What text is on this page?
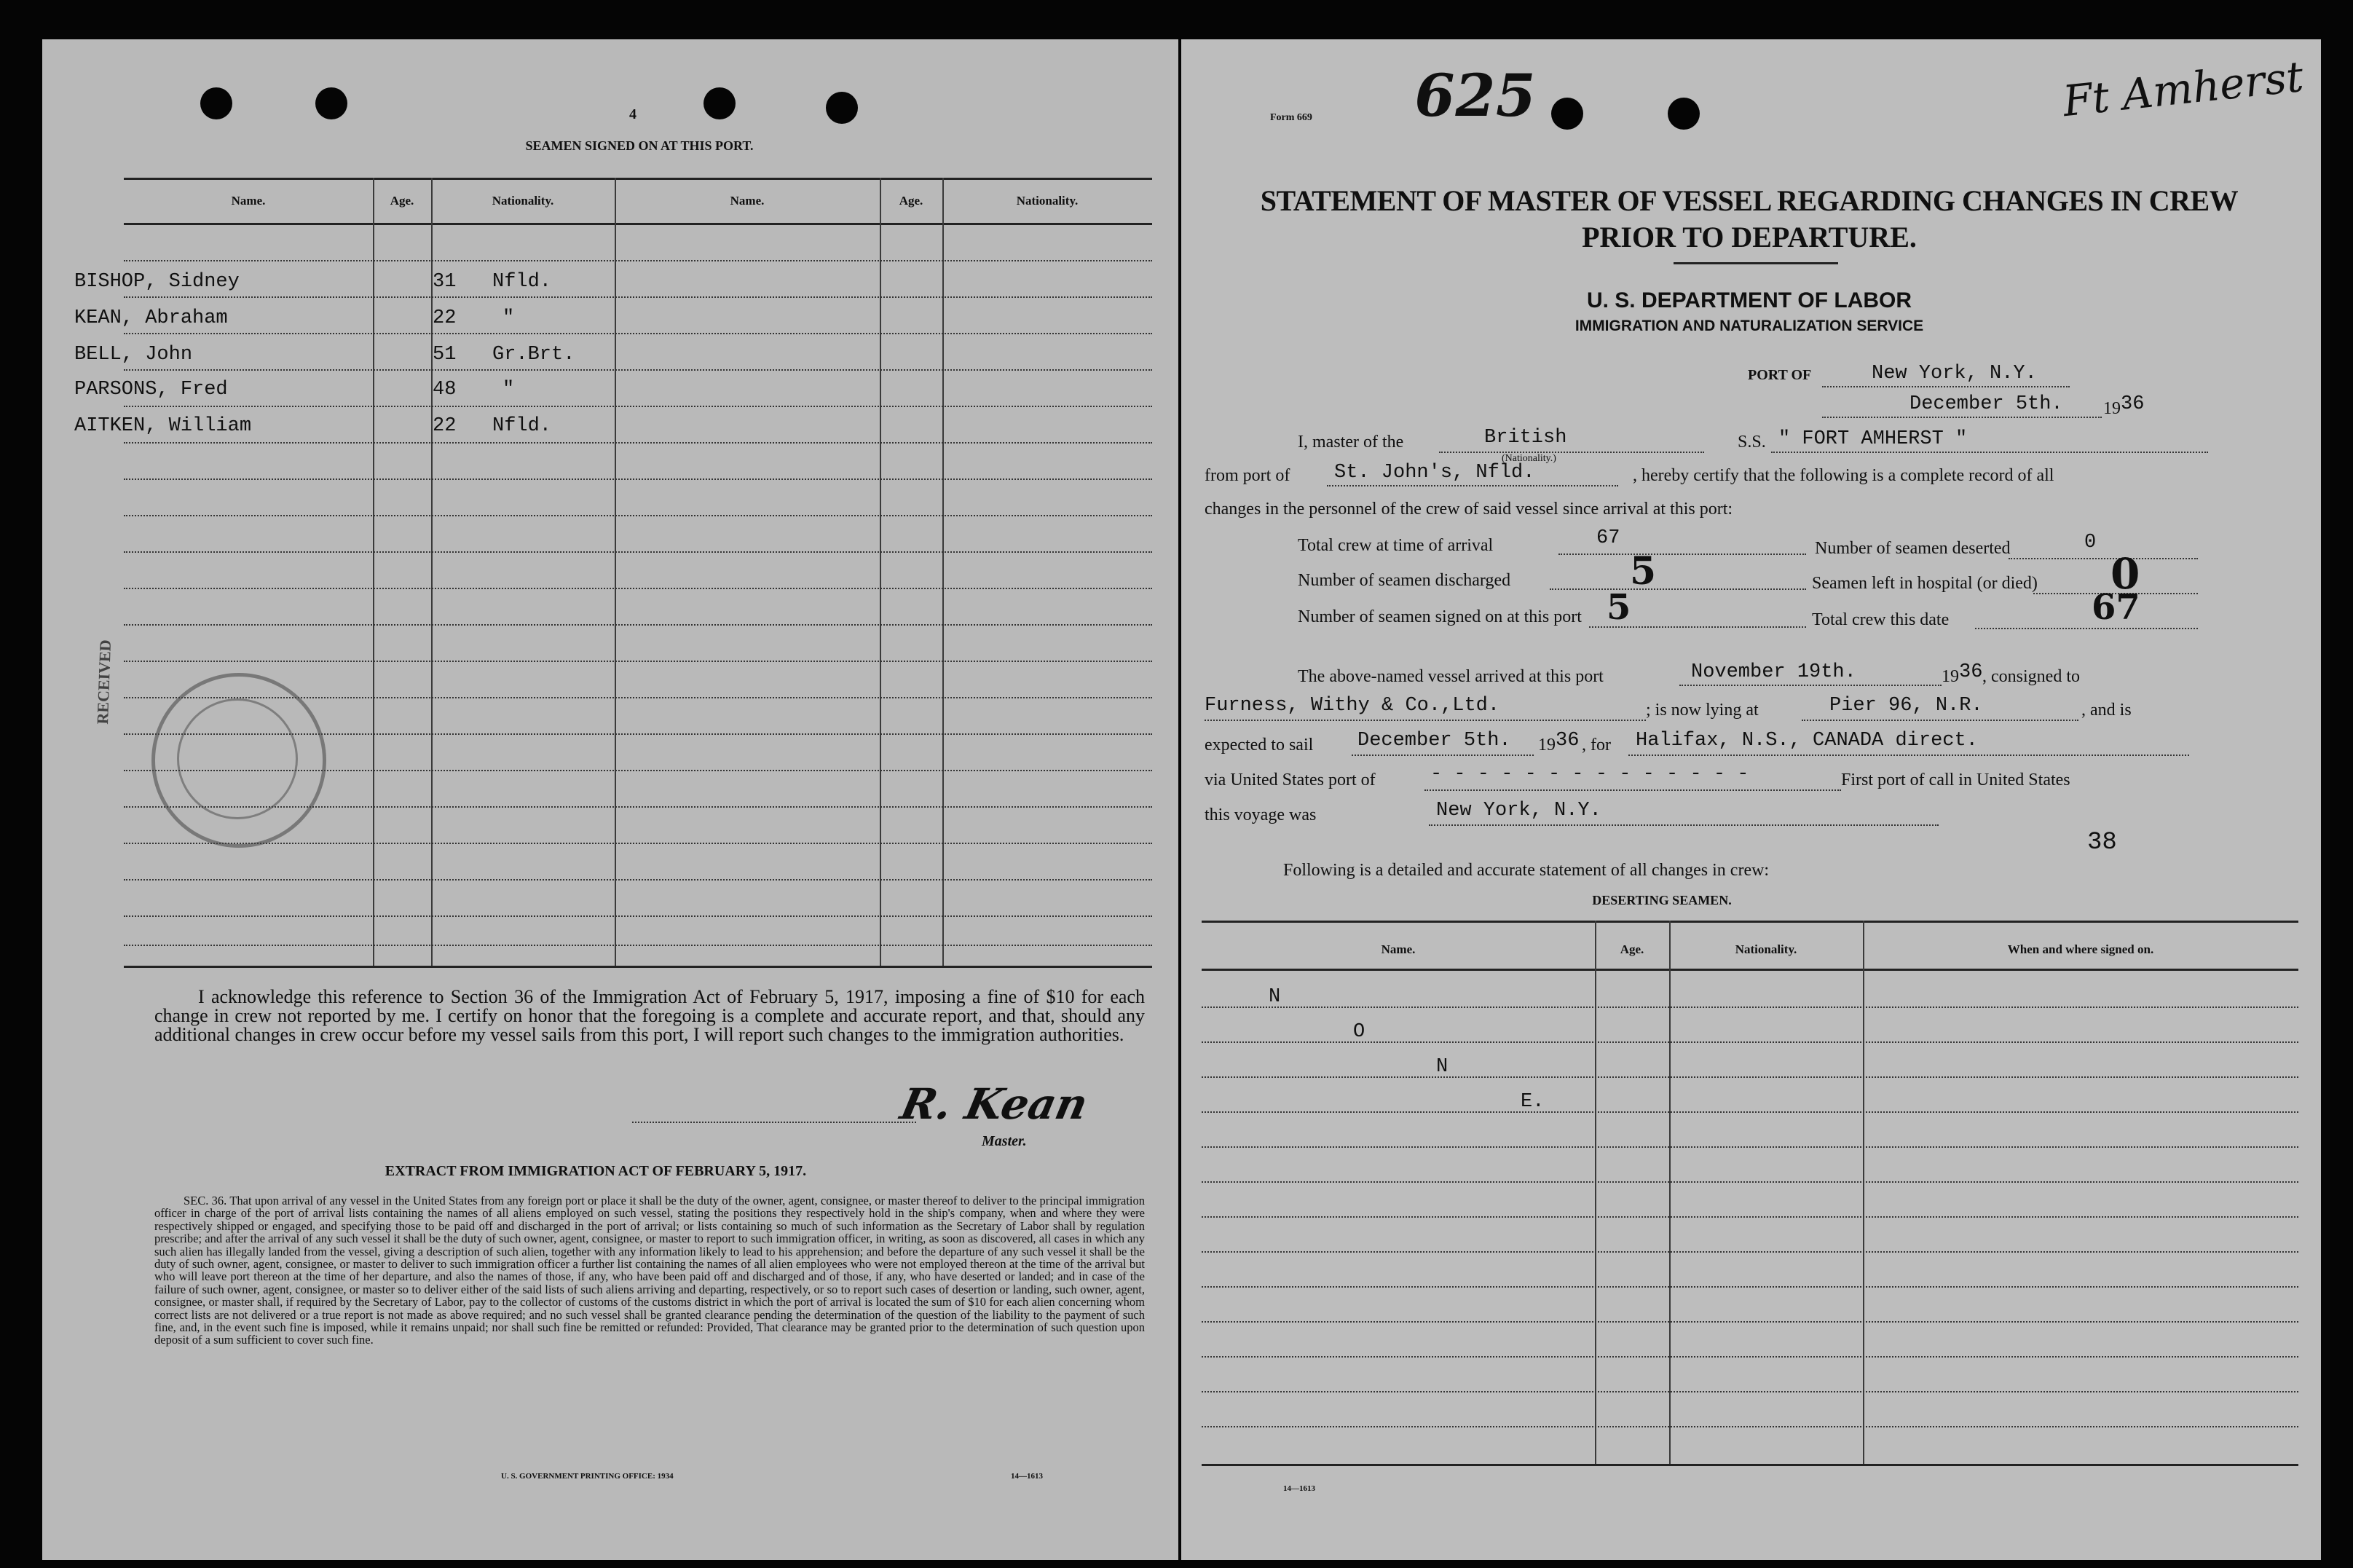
4
SEAMEN SIGNED ON AT THIS PORT.
Name.	Age.	Nationality.	Name.	Age.	Nationality.
BISHOP, Sidney	31 Nfld.
KEAN, Abraham	22 "
BELL, John	51 Gr.Brt.
PARSONS, Fred	48 "
AITKEN, William	22 Nfld.
RECEIVED
I acknowledge this reference to Section 36 of the Immigration Act of February 5, 1917, imposing a fine of $10 for each change in crew not reported by me. I certify on honor that the foregoing is a complete and accurate report, and that, should any additional changes in crew occur before my vessel sails from this port, I will report such changes to the immigration authorities.
R. Kean
Master.
EXTRACT FROM IMMIGRATION ACT OF FEBRUARY 5, 1917.
SEC. 36. That upon arrival of any vessel in the United States from any foreign port or place it shall be the duty of the owner, agent, consignee, or master thereof to deliver to the principal immigration officer in charge of the port of arrival lists containing the names of all aliens employed on such vessel, stating the positions they respectively hold in the ship's company, when and where they were respectively shipped or engaged, and specifying those to be paid off and discharged in the port of arrival; or lists containing so much of such information as the Secretary of Labor shall by regulation prescribe; and after the arrival of any such vessel it shall be the duty of such owner, agent, consignee, or master to report to such immigration officer, in writing, as soon as discovered, all cases in which any such alien has illegally landed from the vessel, giving a description of such alien, together with any information likely to lead to his apprehension; and before the departure of any such vessel it shall be the duty of such owner, agent, consignee, or master to deliver to such immigration officer a further list containing the names of all alien employees who were not employed thereon at the time of the arrival but who will leave port thereon at the time of her departure, and also the names of those, if any, who have been paid off and discharged and of those, if any, who have deserted or landed; and in case of the failure of such owner, agent, consignee, or master so to deliver either of the said lists of such aliens arriving and departing, respectively, or so to report such cases of desertion or landing, such owner, agent, consignee, or master shall, if required by the Secretary of Labor, pay to the collector of customs of the customs district in which the port of arrival is located the sum of $10 for each alien concerning whom correct lists are not delivered or a true report is not made as above required; and no such vessel shall be granted clearance pending the determination of the question of the liability to the payment of such fine, and, in the event such fine is imposed, while it remains unpaid; nor shall such fine be remitted or refunded: Provided, That clearance may be granted prior to the determination of such question upon deposit of a sum sufficient to cover such fine.
U. S. GOVERNMENT PRINTING OFFICE: 1934	14—1613
Form 669 625	Ft Amherst
STATEMENT OF MASTER OF VESSEL REGARDING CHANGES IN CREW
PRIOR TO DEPARTURE.
U. S. DEPARTMENT OF LABOR
IMMIGRATION AND NATURALIZATION SERVICE
PORT OF	New York, N.Y.
December 5th. 19 36
I, master of the	British
(Nationality.)
S.S. " FORT AMHERST "
from port of St. John's, Nfld.	, hereby certify that the following is a complete record of all
changes in the personnel of the crew of said vessel since arrival at this port:
Total crew at time of arrival	67	Number of seamen deserted	0
Number of seamen discharged	5	Seamen left in hospital (or died) 0
Number of seamen signed on at this port 5	Total crew this date	67
The above-named vessel arrived at this port	November 19th.	19 36 , consigned to
Furness, Withy & Co.,Ltd.	; is now lying at	Pier 96, N.R.	, and is
expected to sail December 5th. 19 36 , for Halifax, N.S., CANADA direct.
via United States port of	- - - - - - - - - - - - - -	First port of call in United States
this voyage was	New York, N.Y.
38
Following is a detailed and accurate statement of all changes in crew:
DESERTING SEAMEN.
Name.	Age.	Nationality.	When and where signed on.
N
O
N
E.
14—1613
